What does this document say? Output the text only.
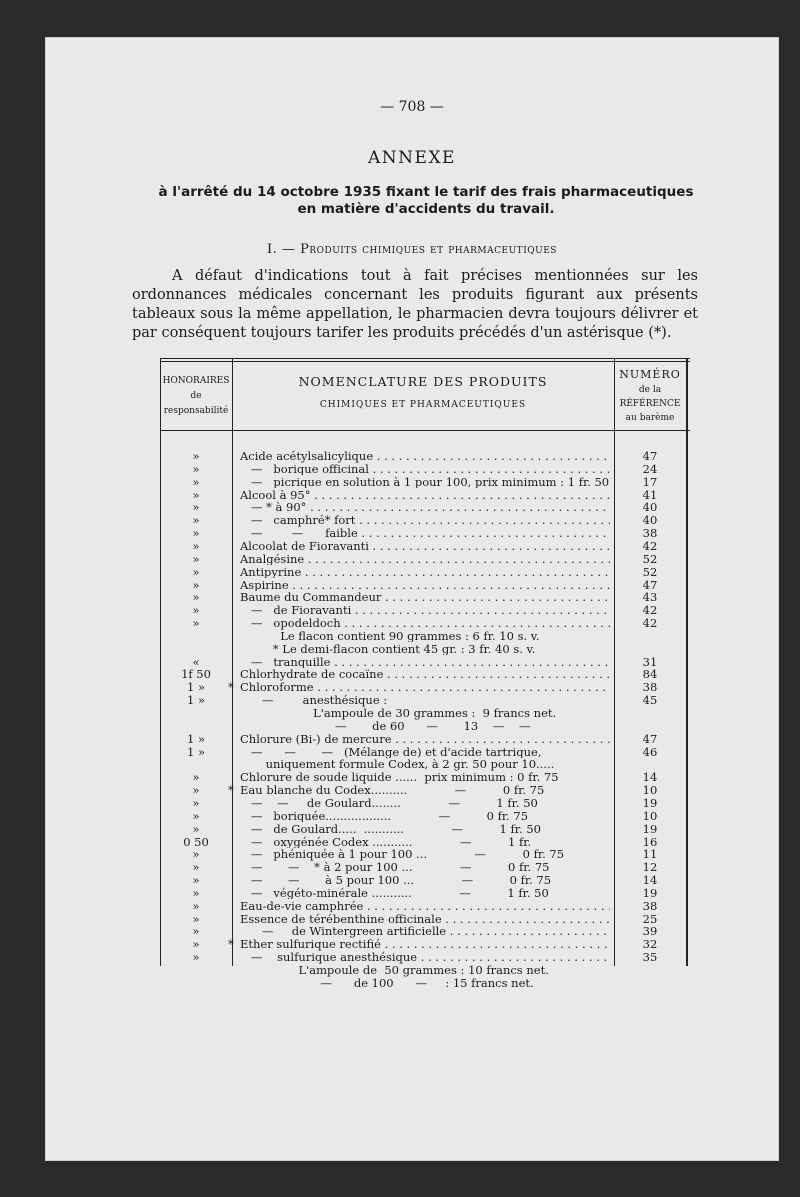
— 708 —
ANNEXE
à l'arrêté du 14 octobre 1935 fixant le tarif des frais pharmaceutiques
en matière d'accidents du travail.
I. — Produits chimiques et pharmaceutiques

A défaut d'indications tout à fait précises mentionnées sur les ordonnances médicales concernant les produits figurant aux présents tableaux sous la même appellation, le pharmacien devra toujours délivrer et par conséquent toujours tarifer les produits précédés d'un astérisque (*).

HONORAIRES
de
responsabilité
NOMENCLATURE DES PRODUITS
CHIMIQUES ET PHARMACEUTIQUES
NUMÉRO
de la
RÉFÉRENCE
au barème
»	Acide acétylsalicylique . . .	47
»	—   borique officinal . . .	24
»	—   picrique en solution à 1 pour 100, prix minimum : 1 fr. 50	17
»	Alcool à 95° . . .	41
»	— * à 90° . . .	40
»	—   camphré* fort . . .	40
»	—        —      faible . . .	38
»	Alcoolat de Fioravanti . . .	42
»	Analgésine . . .	52
»	Antipyrine . . .	52
»	Aspirine . . .	47
»	Baume du Commandeur . . .	43
»	—   de Fioravanti . . .	42
»	—   opodeldoch . . .	42
Le flacon contient 90 grammes : 6 fr. 10 s. v.
* Le demi-flacon contient 45 gr. : 3 fr. 40 s. v.
«	—   tranquille . . .	31
1f 50	Chlorhydrate de cocaïne . . .	84
1 »	* Chloroforme . . .	38
1 »	—        anesthésique :	45
L'ampoule de 30 grammes :  9 francs net.
—       de 60      —       13    —    —
1 »	Chlorure (Bi-) de mercure . . .	47
1 »	—      —       —   (Mélange de) et d'acide tartrique,	46
uniquement formule Codex, à 2 gr. 50 pour 10.....
»	Chlorure de soude liquide ......  prix minimum : 0 fr. 75	14
»	* Eau blanche du Codex..........             —          0 fr. 75	10
»	—    —     de Goulard........             —          1 fr. 50	19
»	—   boriquée..................             —          0 fr. 75	10
»	—   de Goulard.....  ...........             —          1 fr. 50	19
0 50	—   oxygénée Codex ...........             —          1 fr.	16
»	—   phéniquée à 1 pour 100 ...             —          0 fr. 75	11
»	—       —    * à 2 pour 100 ...             —          0 fr. 75	12
»	—       —       à 5 pour 100 ...             —          0 fr. 75	14
»	—   végéto-minérale ...........             —          1 fr. 50	19
»	Eau-de-vie camphrée . . .	38
»	Essence de térébenthine officinale . . .	25
»	—     de Wintergreen artificielle . . .	39
»	* Ether sulfurique rectifié . . .	32
»	—    sulfurique anesthésique . . .	35
L'ampoule de  50 grammes : 10 francs net.
—      de 100      —     : 15 francs net.
